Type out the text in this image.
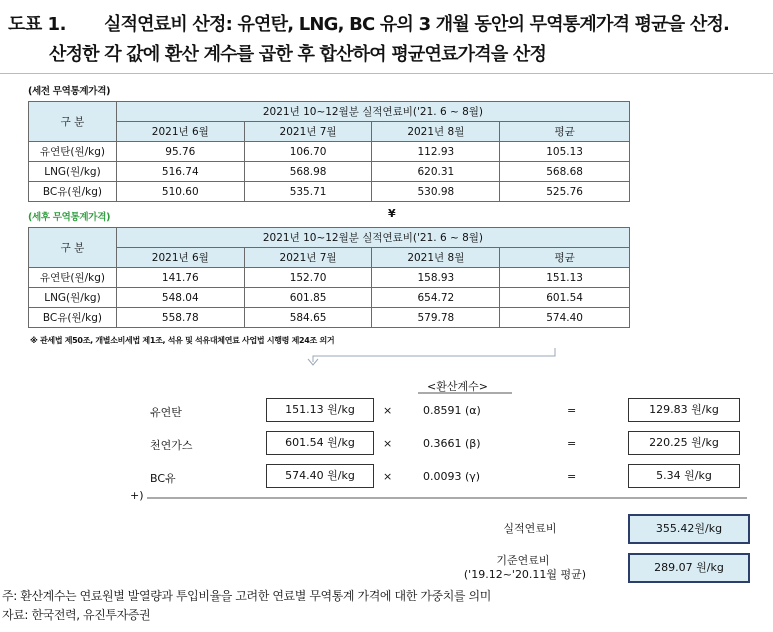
도표 1. 실적연료비 산정: 유연탄, LNG, BC 유의 3 개월 동안의 무역통계가격 평균을 산정.
산정한 각 값에 환산 계수를 곱한 후 합산하여 평균연료가격을 산정
(세전 무역통계가격)
구 분	2021년 10~12월분 실적연료비('21. 6 ~ 8월)			
	2021년 6월	2021년 7월	2021년 8월	평균
유연탄(원/kg)	95.76	106.70	112.93	105.13
LNG(원/kg)	516.74	568.98	620.31	568.68
BC유(원/kg)	510.60	535.71	530.98	525.76
(세후 무역통계가격)	¥
구 분	2021년 10~12월분 실적연료비('21. 6 ~ 8월)			
	2021년 6월	2021년 7월	2021년 8월	평균
유연탄(원/kg)	141.76	152.70	158.93	151.13
LNG(원/kg)	548.04	601.85	654.72	601.54
BC유(원/kg)	558.78	584.65	579.78	574.40
※ 관세법 제50조, 개별소비세법 제1조, 석유 및 석유대체연료 사업법 시행령 제24조 의거
<환산계수>
유연탄	151.13 원/kg	×	0.8591 (α)	=	129.83 원/kg
천연가스	601.54 원/kg	×	0.3661 (β)	=	220.25 원/kg
BC유	574.40 원/kg	×	0.0093 (γ)	=	5.34 원/kg
+)
실적연료비	355.42원/kg
기준연료비
('19.12~'20.11월 평균)
289.07 원/kg
주: 환산계수는 연료원별 발열량과 투입비율을 고려한 연료별 무역통계 가격에 대한 가중치를 의미
자료: 한국전력, 유진투자증권
